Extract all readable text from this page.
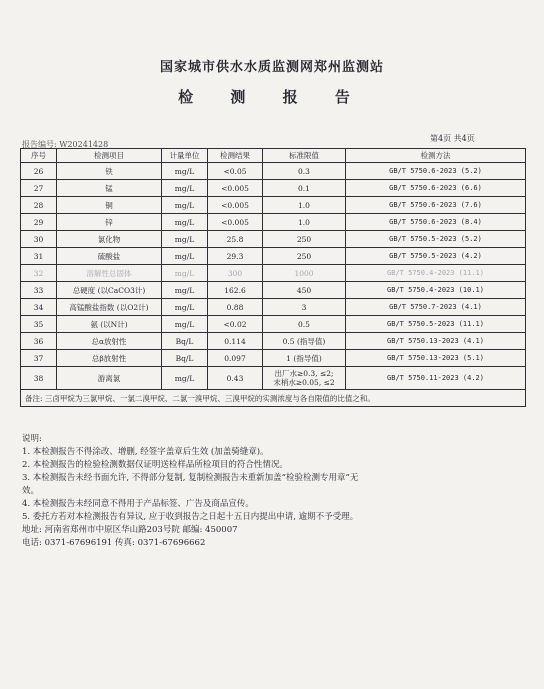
国家城市供水水质监测网郑州监测站
检 测 报 告
报告编号: W20241428
第4页 共4页
序号	检测项目	计量单位	检测结果	标准限值	检测方法
26	铁	mg/L	<0.05	0.3	GB/T 5750.6-2023 (5.2)
27	锰	mg/L	<0.005	0.1	GB/T 5750.6-2023 (6.6)
28	铜	mg/L	<0.005	1.0	GB/T 5750.6-2023 (7.6)
29	锌	mg/L	<0.005	1.0	GB/T 5750.6-2023 (8.4)
30	氯化物	mg/L	25.8	250	GB/T 5750.5-2023 (5.2)
31	硫酸盐	mg/L	29.3	250	GB/T 5750.5-2023 (4.2)
32	溶解性总固体	mg/L	300	1000	GB/T 5750.4-2023 (11.1)
33	总硬度 (以CaCO3计)	mg/L	162.6	450	GB/T 5750.4-2023 (10.1)
34	高锰酸盐指数 (以O2计)	mg/L	0.88	3	GB/T 5750.7-2023 (4.1)
35	氨 (以N计)	mg/L	<0.02	0.5	GB/T 5750.5-2023 (11.1)
36	总α放射性	Bq/L	0.114	0.5 (指导值)	GB/T 5750.13-2023 (4.1)
37	总β放射性	Bq/L	0.097	1 (指导值)	GB/T 5750.13-2023 (5.1)
38	游离氯	mg/L	0.43	出厂水≥0.3, ≤2;
末梢水≥0.05, ≤2	GB/T 5750.11-2023 (4.2)
备注: 三卤甲烷为三氯甲烷、一氯二溴甲烷、二氯一溴甲烷、三溴甲烷的实测浓度与各自限值的比值之和。					
说明:
1. 本检测报告不得涂改、增删, 经签字盖章后生效 (加盖骑缝章)。
2. 本检测报告的检验检测数据仅证明送检样品所检项目的符合性情况。
3. 本检测报告未经书面允许, 不得部分复制, 复制检测报告未重新加盖“检验检测专用章”无
效。
4. 本检测报告未经同意不得用于产品标签、广告及商品宣传。
5. 委托方若对本检测报告有异议, 应于收到报告之日起十五日内提出申请, 逾期不予受理。
地址: 河南省郑州市中原区华山路203号院 邮编: 450007
电话: 0371-67696191 传真: 0371-67696662
